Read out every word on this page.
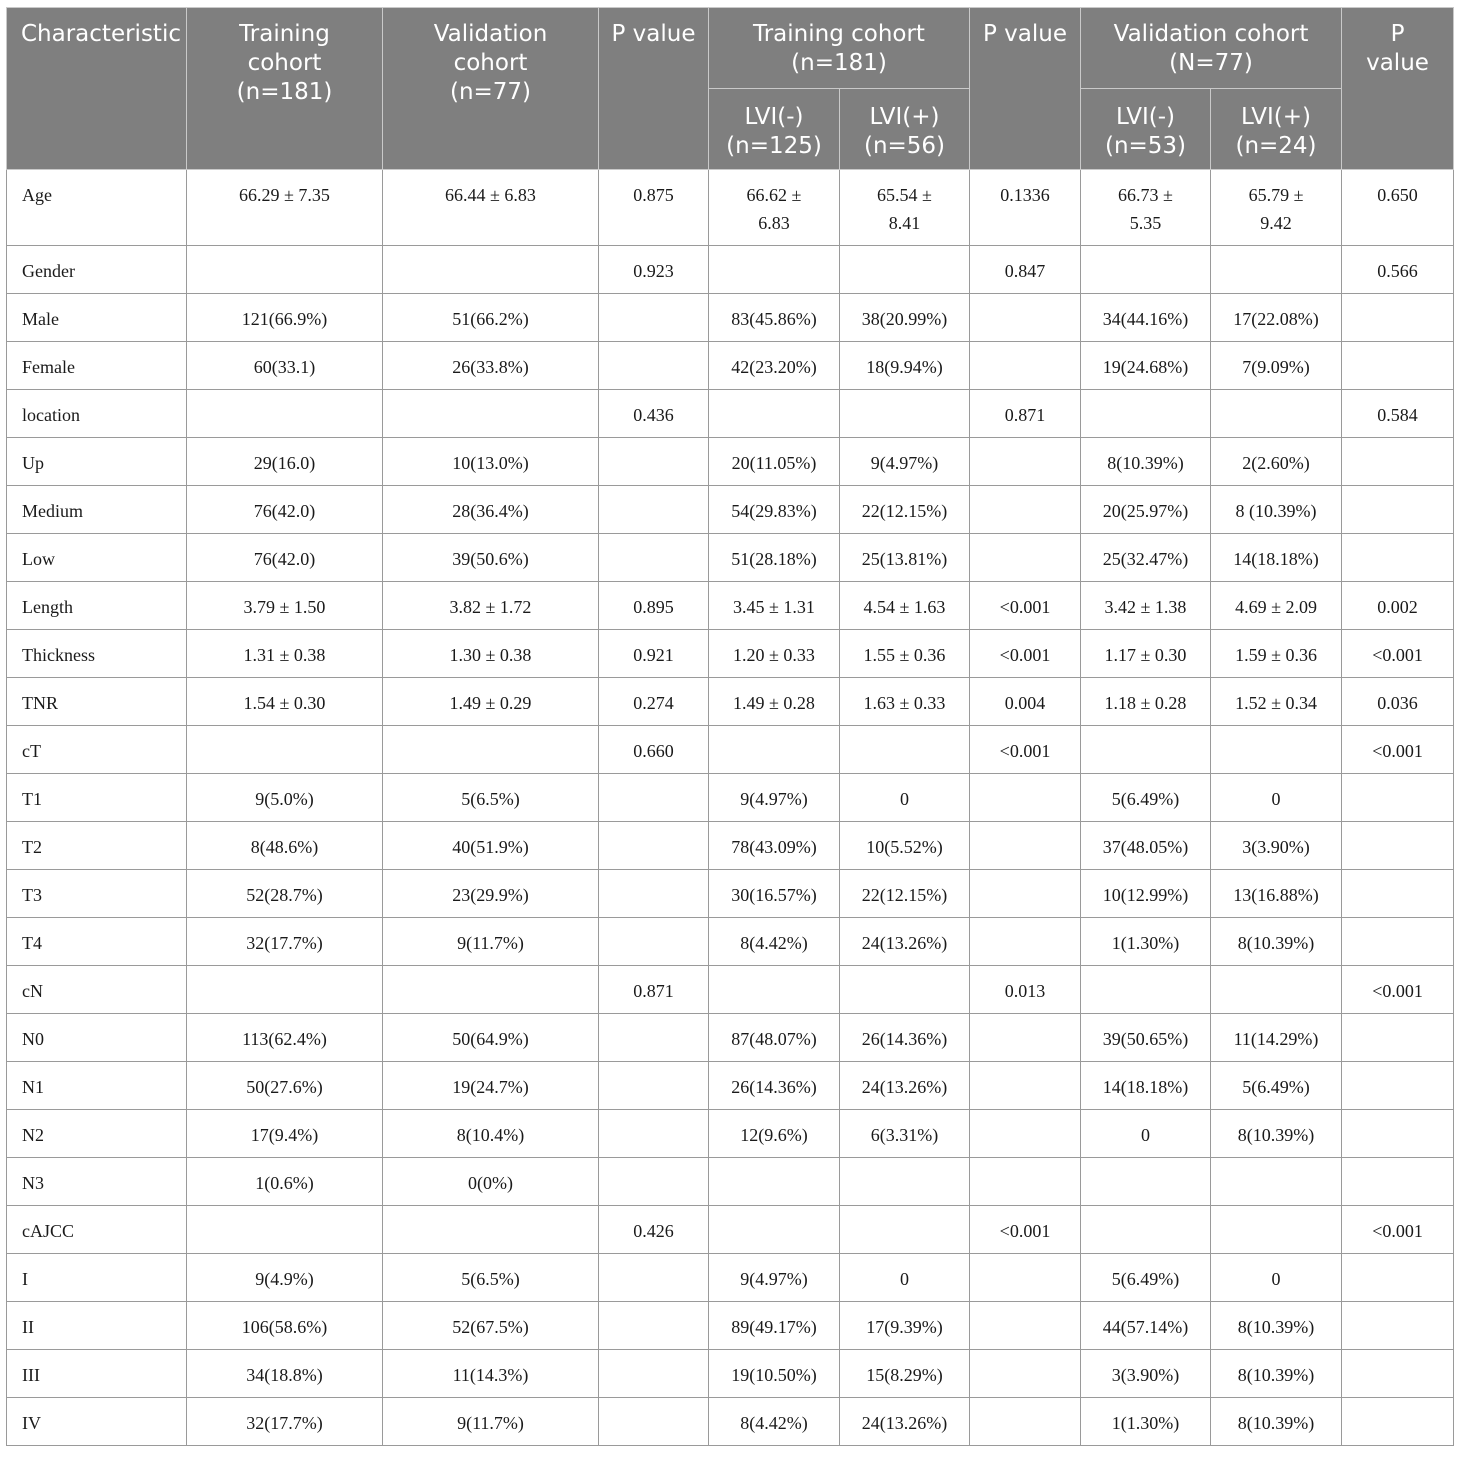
Characteristic	Training
cohort
(n=181)	Validation
cohort
(n=77)	P value	Training cohort
(n=181)		P value	Validation cohort
(N=77)		P
value
				LVI(-)
(n=125)	LVI(+)
(n=56)		LVI(-)
(n=53)	LVI(+)
(n=24)	
Age	66.29 ± 7.35	66.44 ± 6.83	0.875	66.62 ±
6.83	65.54 ±
8.41	0.1336	66.73 ±
5.35	65.79 ±
9.42	0.650
Gender			0.923			0.847			0.566
Male	121(66.9%)	51(66.2%)		83(45.86%)	38(20.99%)		34(44.16%)	17(22.08%)	
Female	60(33.1)	26(33.8%)		42(23.20%)	18(9.94%)		19(24.68%)	7(9.09%)	
location			0.436			0.871			0.584
Up	29(16.0)	10(13.0%)		20(11.05%)	9(4.97%)		8(10.39%)	2(2.60%)	
Medium	76(42.0)	28(36.4%)		54(29.83%)	22(12.15%)		20(25.97%)	8 (10.39%)	
Low	76(42.0)	39(50.6%)		51(28.18%)	25(13.81%)		25(32.47%)	14(18.18%)	
Length	3.79 ± 1.50	3.82 ± 1.72	0.895	3.45 ± 1.31	4.54 ± 1.63	<0.001	3.42 ± 1.38	4.69 ± 2.09	0.002
Thickness	1.31 ± 0.38	1.30 ± 0.38	0.921	1.20 ± 0.33	1.55 ± 0.36	<0.001	1.17 ± 0.30	1.59 ± 0.36	<0.001
TNR	1.54 ± 0.30	1.49 ± 0.29	0.274	1.49 ± 0.28	1.63 ± 0.33	0.004	1.18 ± 0.28	1.52 ± 0.34	0.036
cT			0.660			<0.001			<0.001
T1	9(5.0%)	5(6.5%)		9(4.97%)	0		5(6.49%)	0	
T2	8(48.6%)	40(51.9%)		78(43.09%)	10(5.52%)		37(48.05%)	3(3.90%)	
T3	52(28.7%)	23(29.9%)		30(16.57%)	22(12.15%)		10(12.99%)	13(16.88%)	
T4	32(17.7%)	9(11.7%)		8(4.42%)	24(13.26%)		1(1.30%)	8(10.39%)	
cN			0.871			0.013			<0.001
N0	113(62.4%)	50(64.9%)		87(48.07%)	26(14.36%)		39(50.65%)	11(14.29%)	
N1	50(27.6%)	19(24.7%)		26(14.36%)	24(13.26%)		14(18.18%)	5(6.49%)	
N2	17(9.4%)	8(10.4%)		12(9.6%)	6(3.31%)		0	8(10.39%)	
N3	1(0.6%)	0(0%)							
cAJCC			0.426			<0.001			<0.001
I	9(4.9%)	5(6.5%)		9(4.97%)	0		5(6.49%)	0	
II	106(58.6%)	52(67.5%)		89(49.17%)	17(9.39%)		44(57.14%)	8(10.39%)	
III	34(18.8%)	11(14.3%)		19(10.50%)	15(8.29%)		3(3.90%)	8(10.39%)	
IV	32(17.7%)	9(11.7%)		8(4.42%)	24(13.26%)		1(1.30%)	8(10.39%)	
